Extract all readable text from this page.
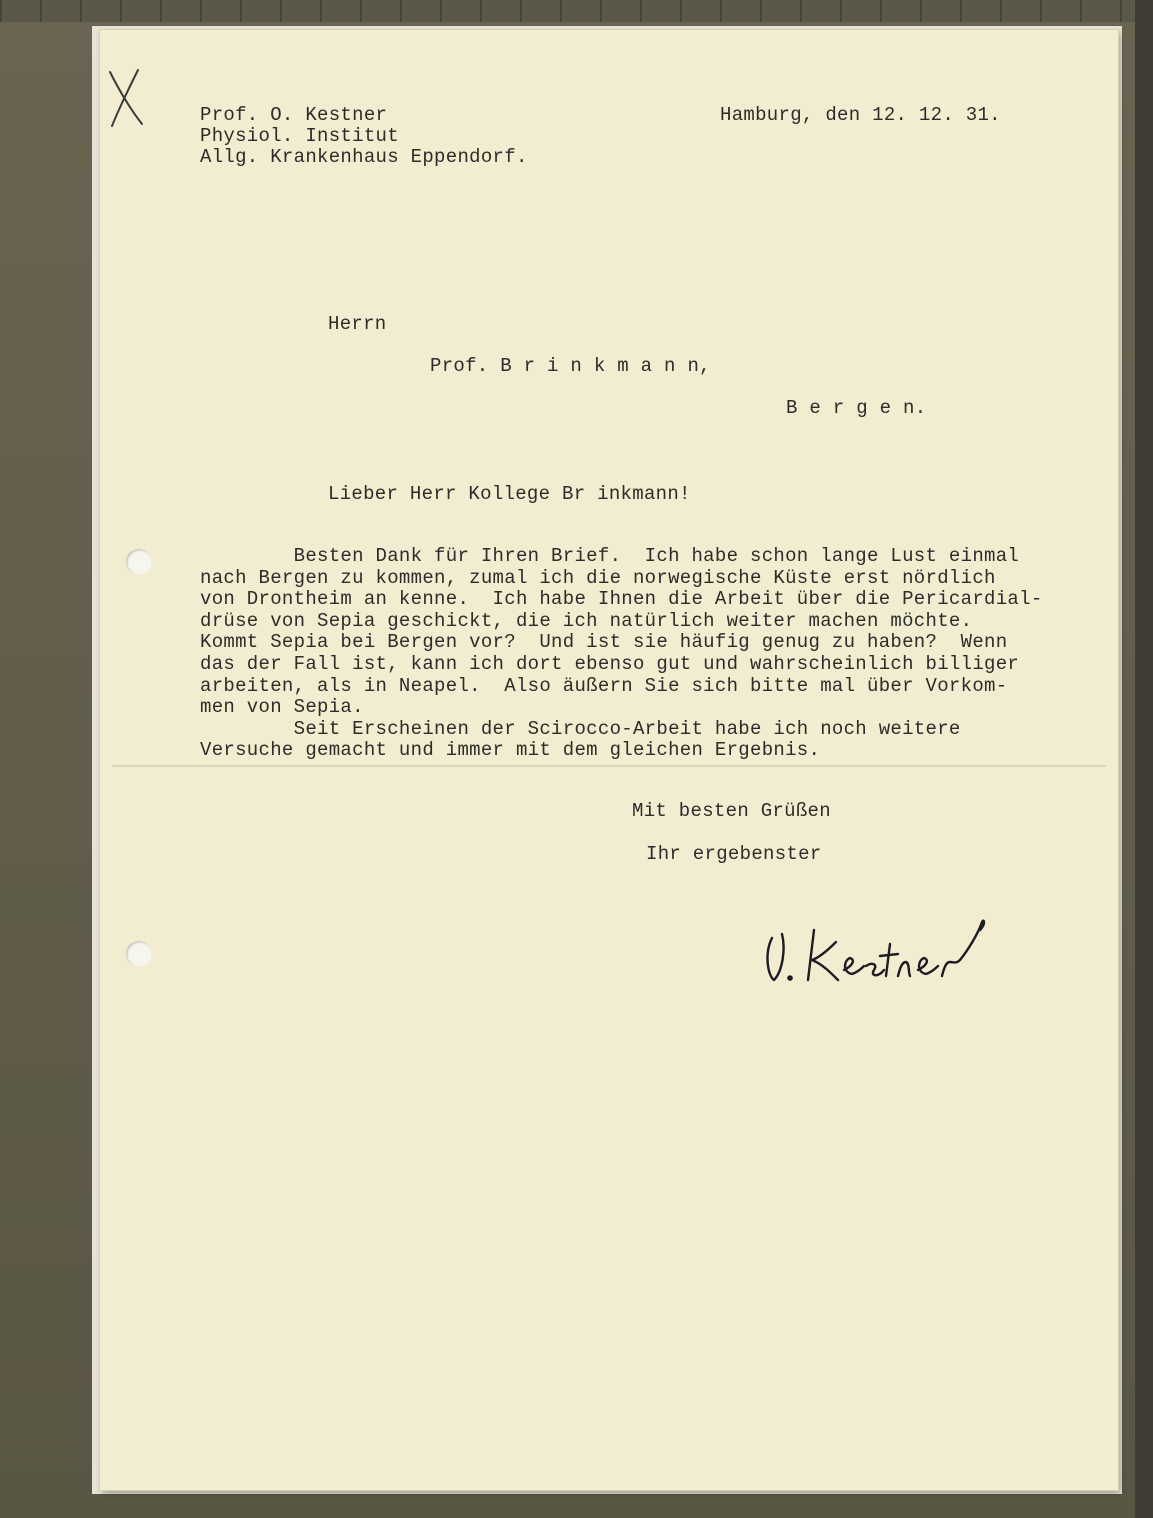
Prof. O. Kestner
Physiol. Institut
Allg. Krankenhaus Eppendorf.
Hamburg, den 12. 12. 31.
Herrn
Prof. B r i n k m a n n,
B e r g e n.
Lieber Herr Kollege Br inkmann!

Besten Dank für Ihren Brief.  Ich habe schon lange Lust einmal

nach Bergen zu kommen, zumal ich die norwegische Küste erst nördlich

von Drontheim an kenne.  Ich habe Ihnen die Arbeit über die Pericardial-

drüse von Sepia geschickt, die ich natürlich weiter machen möchte.

Kommt Sepia bei Bergen vor?  Und ist sie häufig genug zu haben?  Wenn

das der Fall ist, kann ich dort ebenso gut und wahrscheinlich billiger

arbeiten, als in Neapel.  Also äußern Sie sich bitte mal über Vorkom-

men von Sepia.

Seit Erscheinen der Scirocco-Arbeit habe ich noch weitere

Versuche gemacht und immer mit dem gleichen Ergebnis.

Mit besten Grüßen
Ihr ergebenster
